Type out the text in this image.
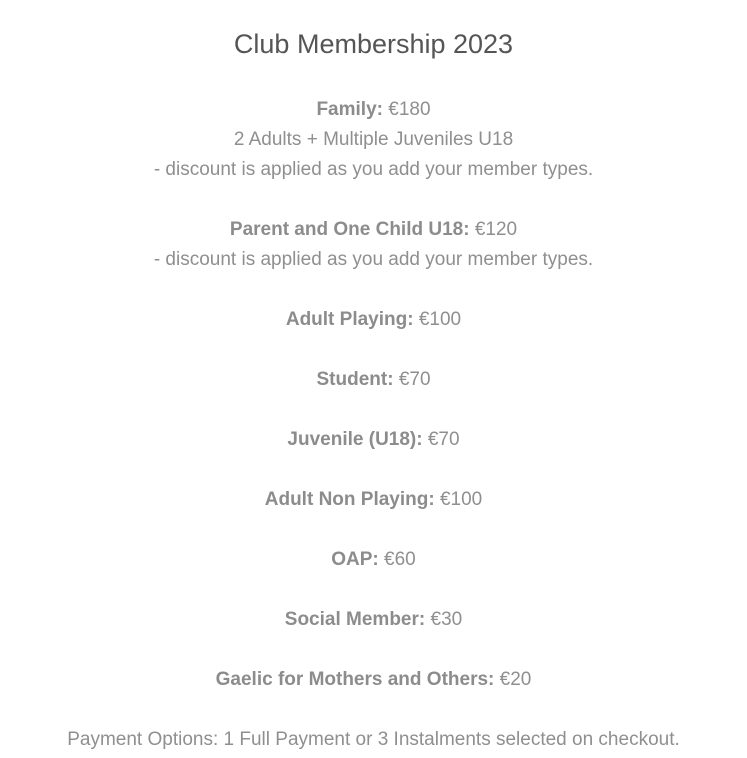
Club Membership 2023
Family: €180
2 Adults + Multiple Juveniles U18
- discount is applied as you add your member types.
Parent and One Child U18: €120
- discount is applied as you add your member types.
Adult Playing: €100
Student: €70
Juvenile (U18): €70
Adult Non Playing: €100
OAP: €60
Social Member: €30
Gaelic for Mothers and Others: €20
Payment Options: 1 Full Payment or 3 Instalments selected on checkout.
